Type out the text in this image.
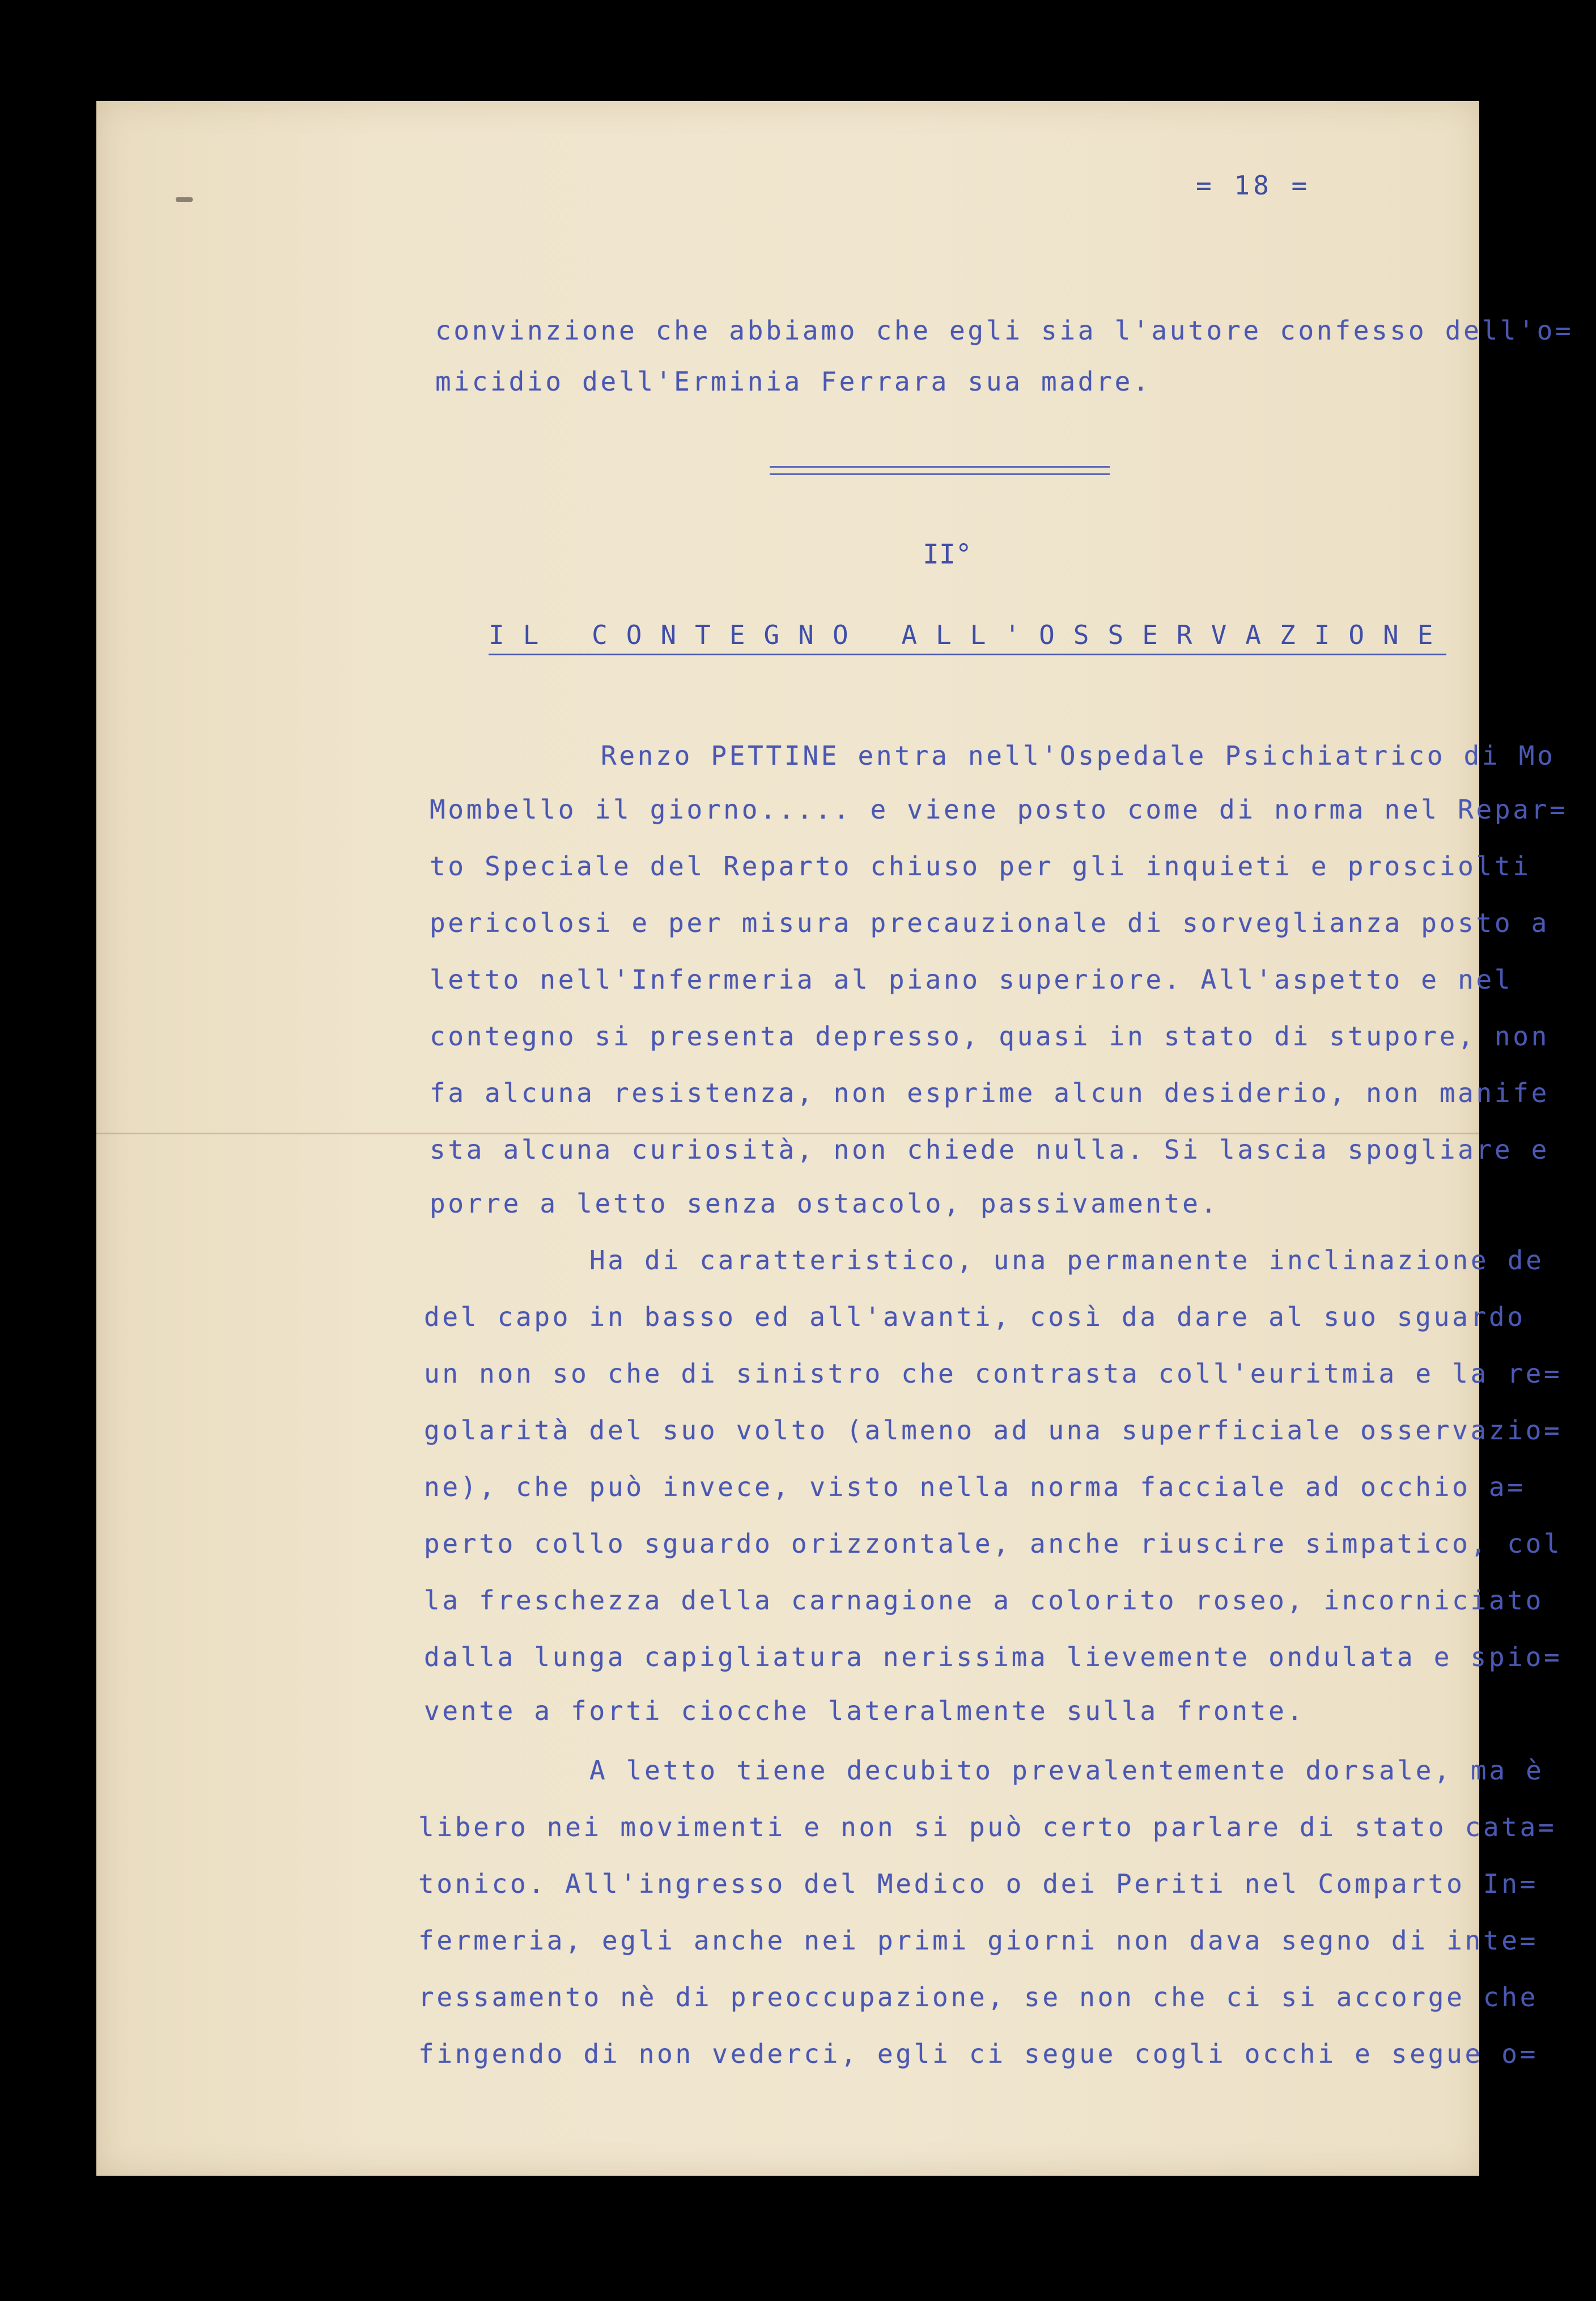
= 18 =
convinzione che abbiamo che egli sia l'autore confesso dell'o=
micidio dell'Erminia Ferrara sua madre.
II°
IL CONTEGNO ALL'OSSERVAZIONE
Renzo PETTINE entra nell'Ospedale Psichiatrico di Mo
Mombello il giorno..... e viene posto come di norma nel Repar=
to Speciale del Reparto chiuso per gli inquieti e prosciolti
pericolosi e per misura precauzionale di sorveglianza posto a
letto nell'Infermeria al piano superiore. All'aspetto e nel
contegno si presenta depresso, quasi in stato di stupore, non
fa alcuna resistenza, non esprime alcun desiderio, non manife
sta alcuna curiosità, non chiede nulla. Si lascia spogliare e
porre a letto senza ostacolo, passivamente.
Ha di caratteristico, una permanente inclinazione de
del capo in basso ed all'avanti, così da dare al suo sguardo
un non so che di sinistro che contrasta coll'euritmia e la re=
golarità del suo volto (almeno ad una superficiale osservazio=
ne), che può invece, visto nella norma facciale ad occhio a=
perto collo sguardo orizzontale, anche riuscire simpatico, col
la freschezza della carnagione a colorito roseo, incorniciato
dalla lunga capigliatura nerissima lievemente ondulata e spio=
vente a forti ciocche lateralmente sulla fronte.
A letto tiene decubito prevalentemente dorsale, ma è
libero nei movimenti e non si può certo parlare di stato cata=
tonico. All'ingresso del Medico o dei Periti nel Comparto In=
fermeria, egli anche nei primi giorni non dava segno di inte=
ressamento nè di preoccupazione, se non che ci si accorge che
fingendo di non vederci, egli ci segue cogli occhi e segue o=
